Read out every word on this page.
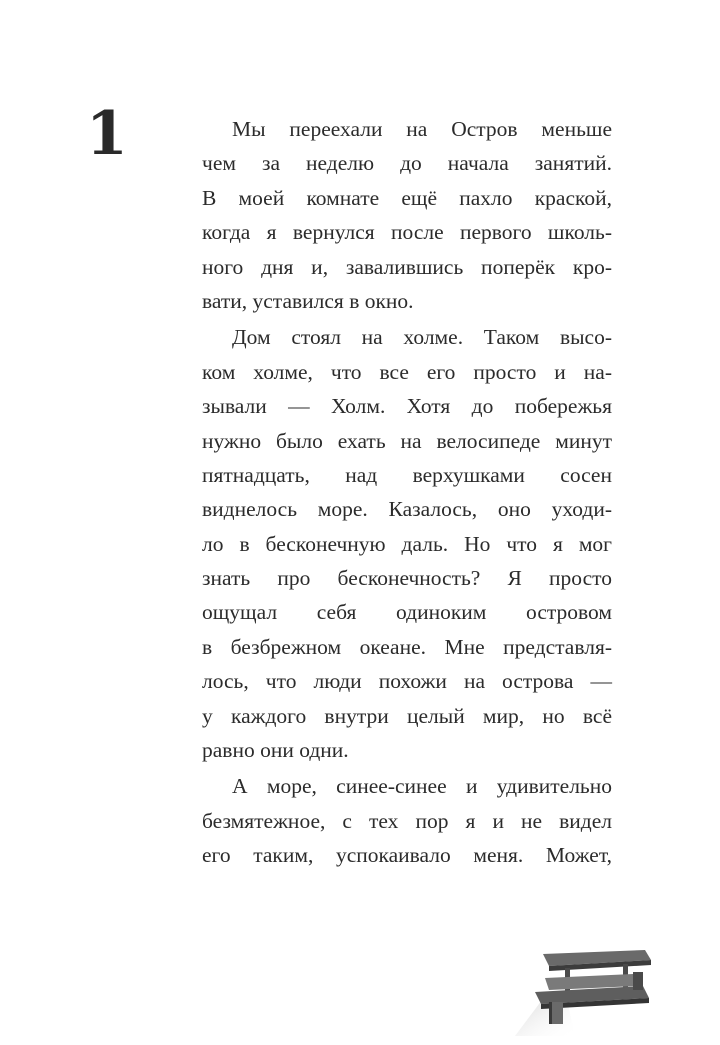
1	Мы переехали на Остров меньше
чем за неделю до начала занятий.
В моей комнате ещё пахло краской,
когда я вернулся после первого школь-
ного дня и, завалившись поперёк кро-
вати, уставился в окно.
Дом стоял на холме. Таком высо-
ком холме, что все его просто и на-
зывали — Холм. Хотя до побережья
нужно было ехать на велосипеде минут
пятнадцать, над верхушками сосен
виднелось море. Казалось, оно уходи-
ло в бесконечную даль. Но что я мог
знать про бесконечность? Я просто
ощущал себя одиноким островом
в безбрежном океане. Мне представля-
лось, что люди похожи на острова —
у каждого внутри целый мир, но всё
равно они одни.
А море, синее-синее и удивительно
безмятежное, с тех пор я и не видел
его таким, успокаивало меня. Может,
